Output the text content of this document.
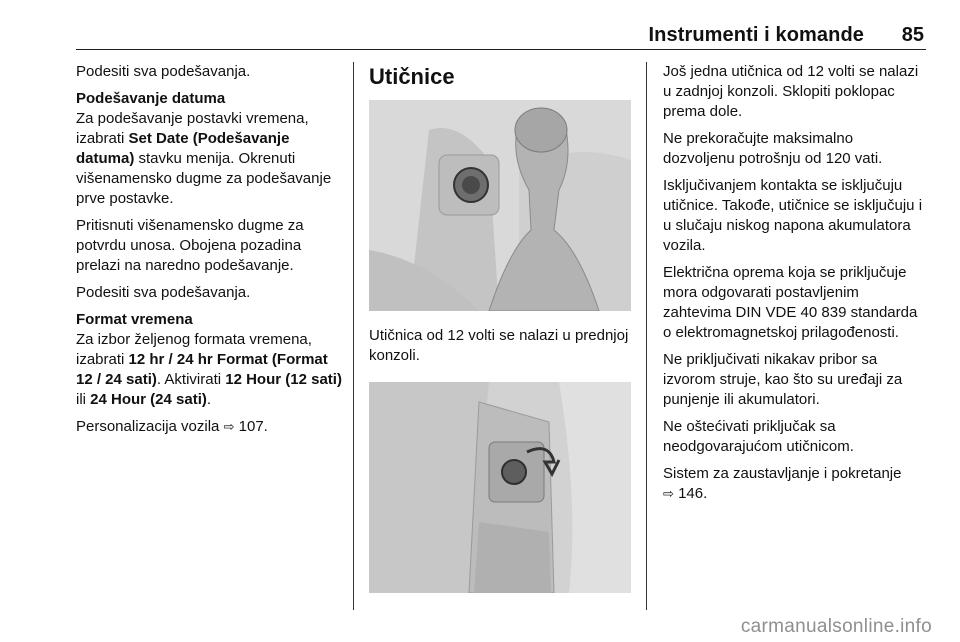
Instrumenti i komande 85

Podesiti sva podešavanja.

Podešavanje datuma

Za podešavanje postavki vremena, izabrati Set Date (Podešavanje datuma) stavku menija. Okrenuti višenamensko dugme za podešavanje prve postavke.

Pritisnuti višenamensko dugme za potvrdu unosa. Obojena pozadina prelazi na naredno podešavanje.

Podesiti sva podešavanja.

Format vremena

Za izbor željenog formata vremena, izabrati 12 hr / 24 hr Format (Format 12 / 24 sati). Aktivirati 12 Hour (12 sati) ili 24 Hour (24 sati).

Personalizacija vozila ⇨ 107.

Utičnice

Utičnica od 12 volti se nalazi u prednjoj konzoli.

Još jedna utičnica od 12 volti se nalazi u zadnjoj konzoli. Sklopiti poklopac prema dole.

Ne prekoračujte maksimalno dozvoljenu potrošnju od 120 vati.

Isključivanjem kontakta se isključuju utičnice. Takođe, utičnice se isključuju i u slučaju niskog napona akumulatora vozila.

Električna oprema koja se priključuje mora odgovarati postavljenim zahtevima DIN VDE 40 839 standarda o elektromagnetskoj prilagođenosti.

Ne priključivati nikakav pribor sa izvorom struje, kao što su uređaji za punjenje ili akumulatori.

Ne oštećivati priključak sa neodgovarajućom utičnicom.

Sistem za zaustavljanje i pokretanje
⇨ 146.

carmanualsonline.info
